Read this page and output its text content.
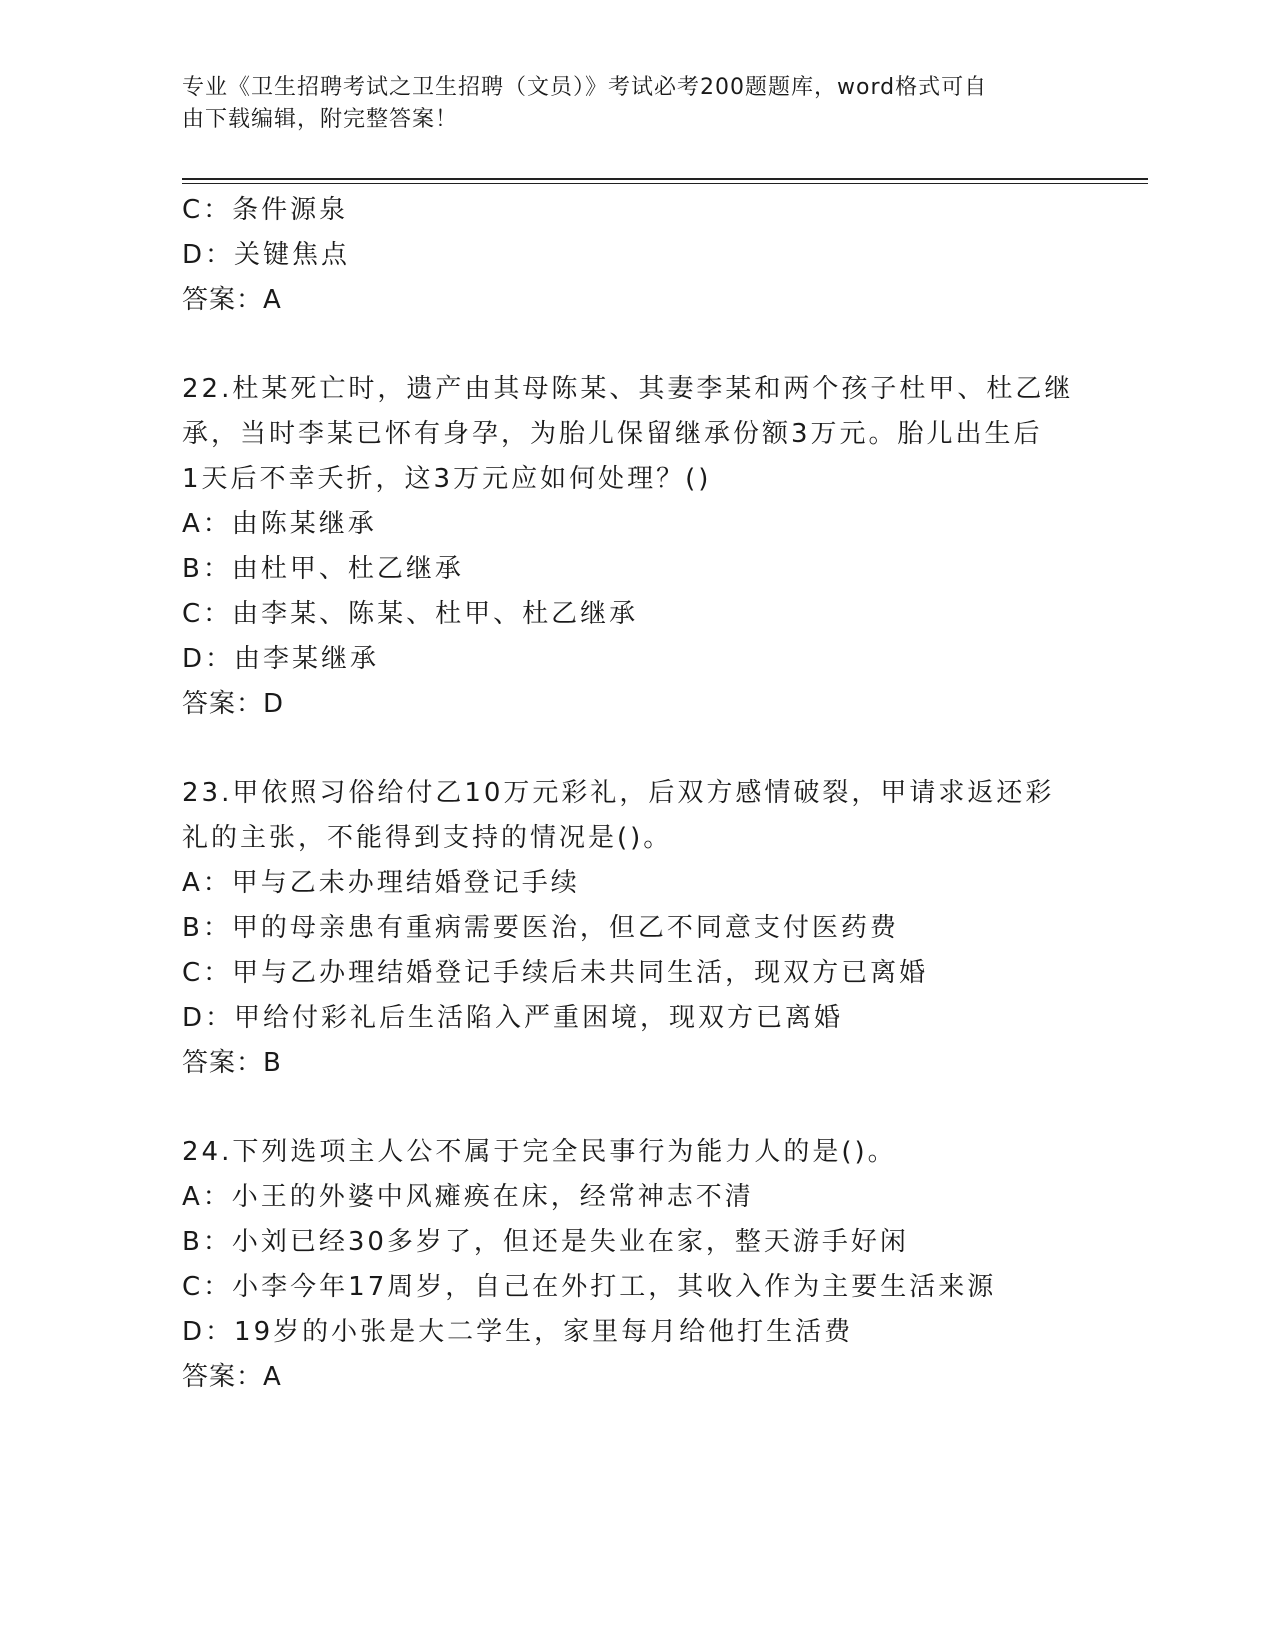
专业《卫生招聘考试之卫生招聘（文员）》考试必考200题题库，word格式可自
由下载编辑，附完整答案！
C：条件源泉
D：关键焦点
答案：A
22.杜某死亡时，遗产由其母陈某、其妻李某和两个孩子杜甲、杜乙继
承，当时李某已怀有身孕，为胎儿保留继承份额3万元。胎儿出生后
1天后不幸夭折，这3万元应如何处理？()
A：由陈某继承
B：由杜甲、杜乙继承
C：由李某、陈某、杜甲、杜乙继承
D：由李某继承
答案：D
23.甲依照习俗给付乙10万元彩礼，后双方感情破裂，甲请求返还彩
礼的主张，不能得到支持的情况是()。
A：甲与乙未办理结婚登记手续
B：甲的母亲患有重病需要医治，但乙不同意支付医药费
C：甲与乙办理结婚登记手续后未共同生活，现双方已离婚
D：甲给付彩礼后生活陷入严重困境，现双方已离婚
答案：B
24.下列选项主人公不属于完全民事行为能力人的是()。
A：小王的外婆中风瘫痪在床，经常神志不清
B：小刘已经30多岁了，但还是失业在家，整天游手好闲
C：小李今年17周岁，自己在外打工，其收入作为主要生活来源
D：19岁的小张是大二学生，家里每月给他打生活费
答案：A
